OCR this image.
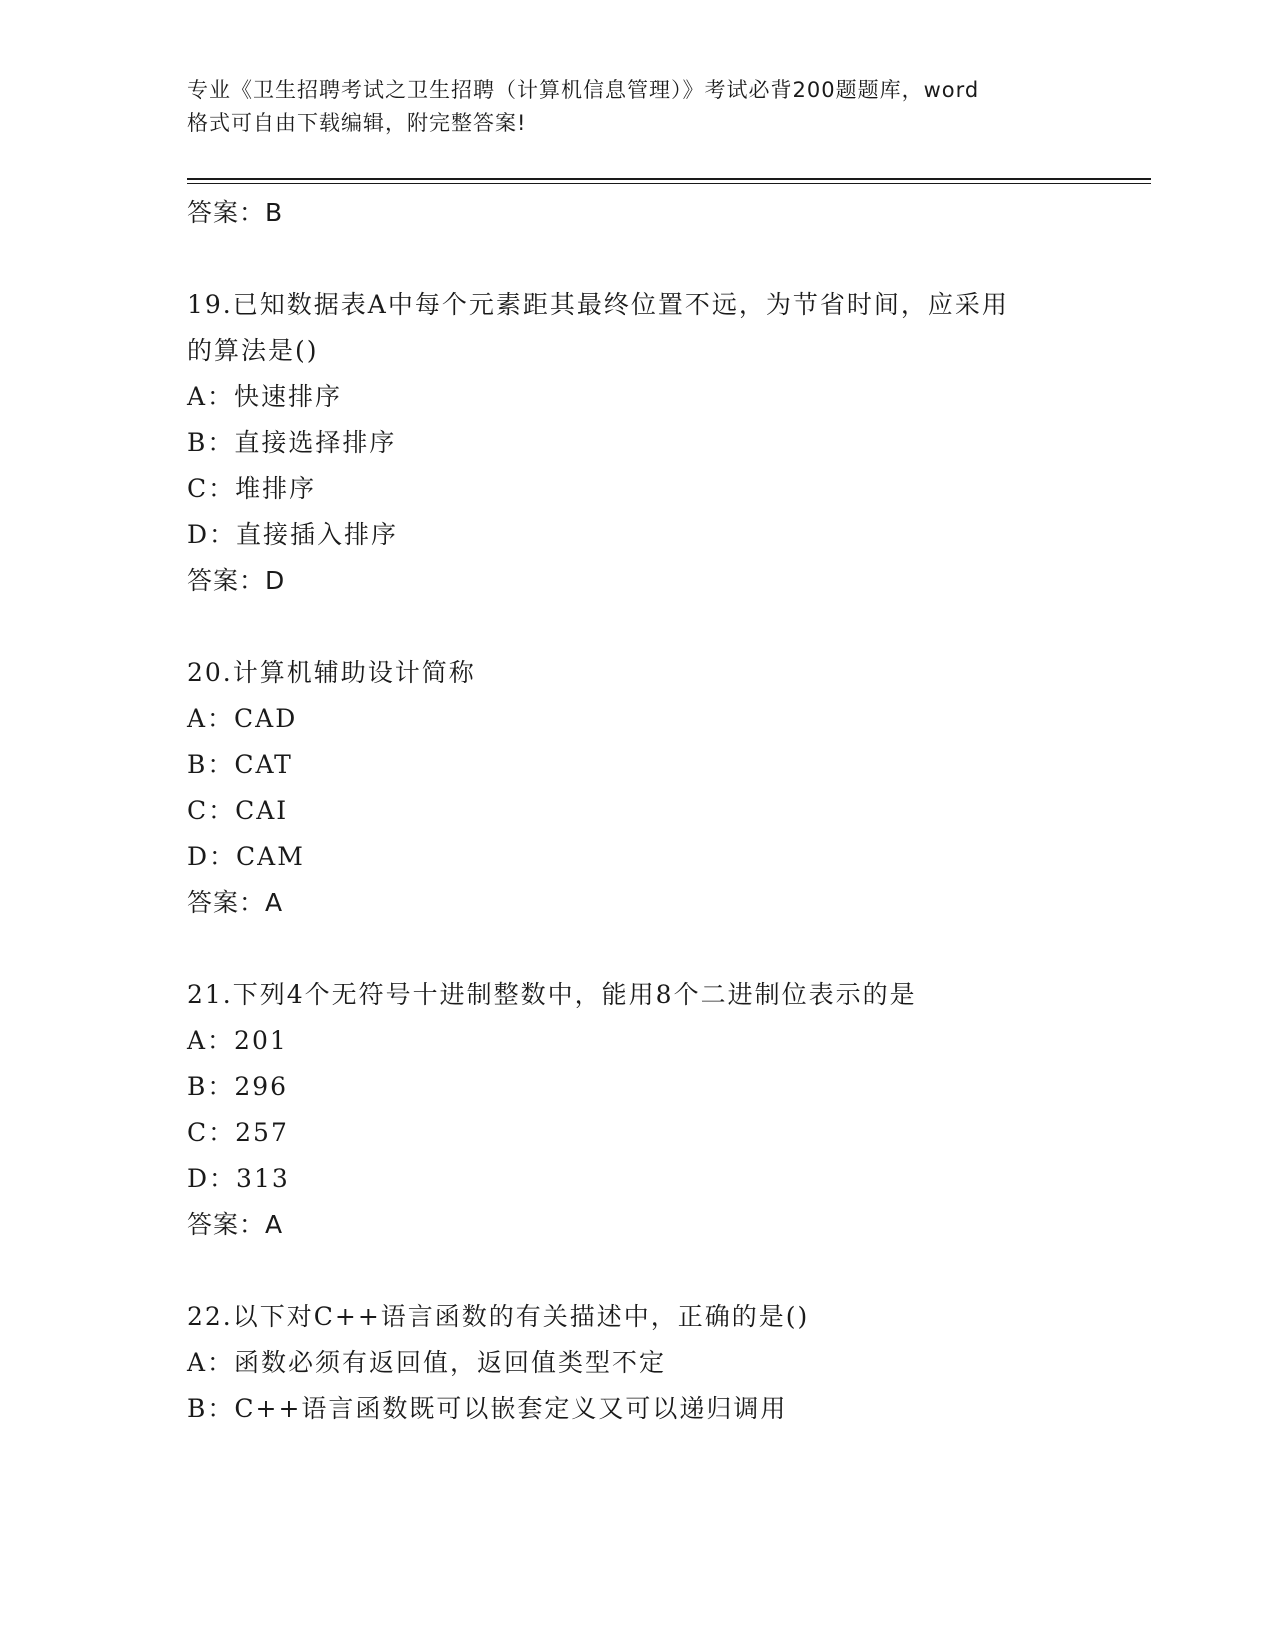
专业《卫生招聘考试之卫生招聘（计算机信息管理）》考试必背200题题库，word
格式可自由下载编辑，附完整答案!
答案：B
19.已知数据表A中每个元素距其最终位置不远，为节省时间，应采用
的算法是()
A：快速排序
B：直接选择排序
C：堆排序
D：直接插入排序
答案：D
20.计算机辅助设计简称
A：CAD
B：CAT
C：CAI
D：CAM
答案：A
21.下列4个无符号十进制整数中，能用8个二进制位表示的是
A：201
B：296
C：257
D：313
答案：A
22.以下对C++语言函数的有关描述中，正确的是()
A：函数必须有返回值，返回值类型不定
B：C++语言函数既可以嵌套定义又可以递归调用
